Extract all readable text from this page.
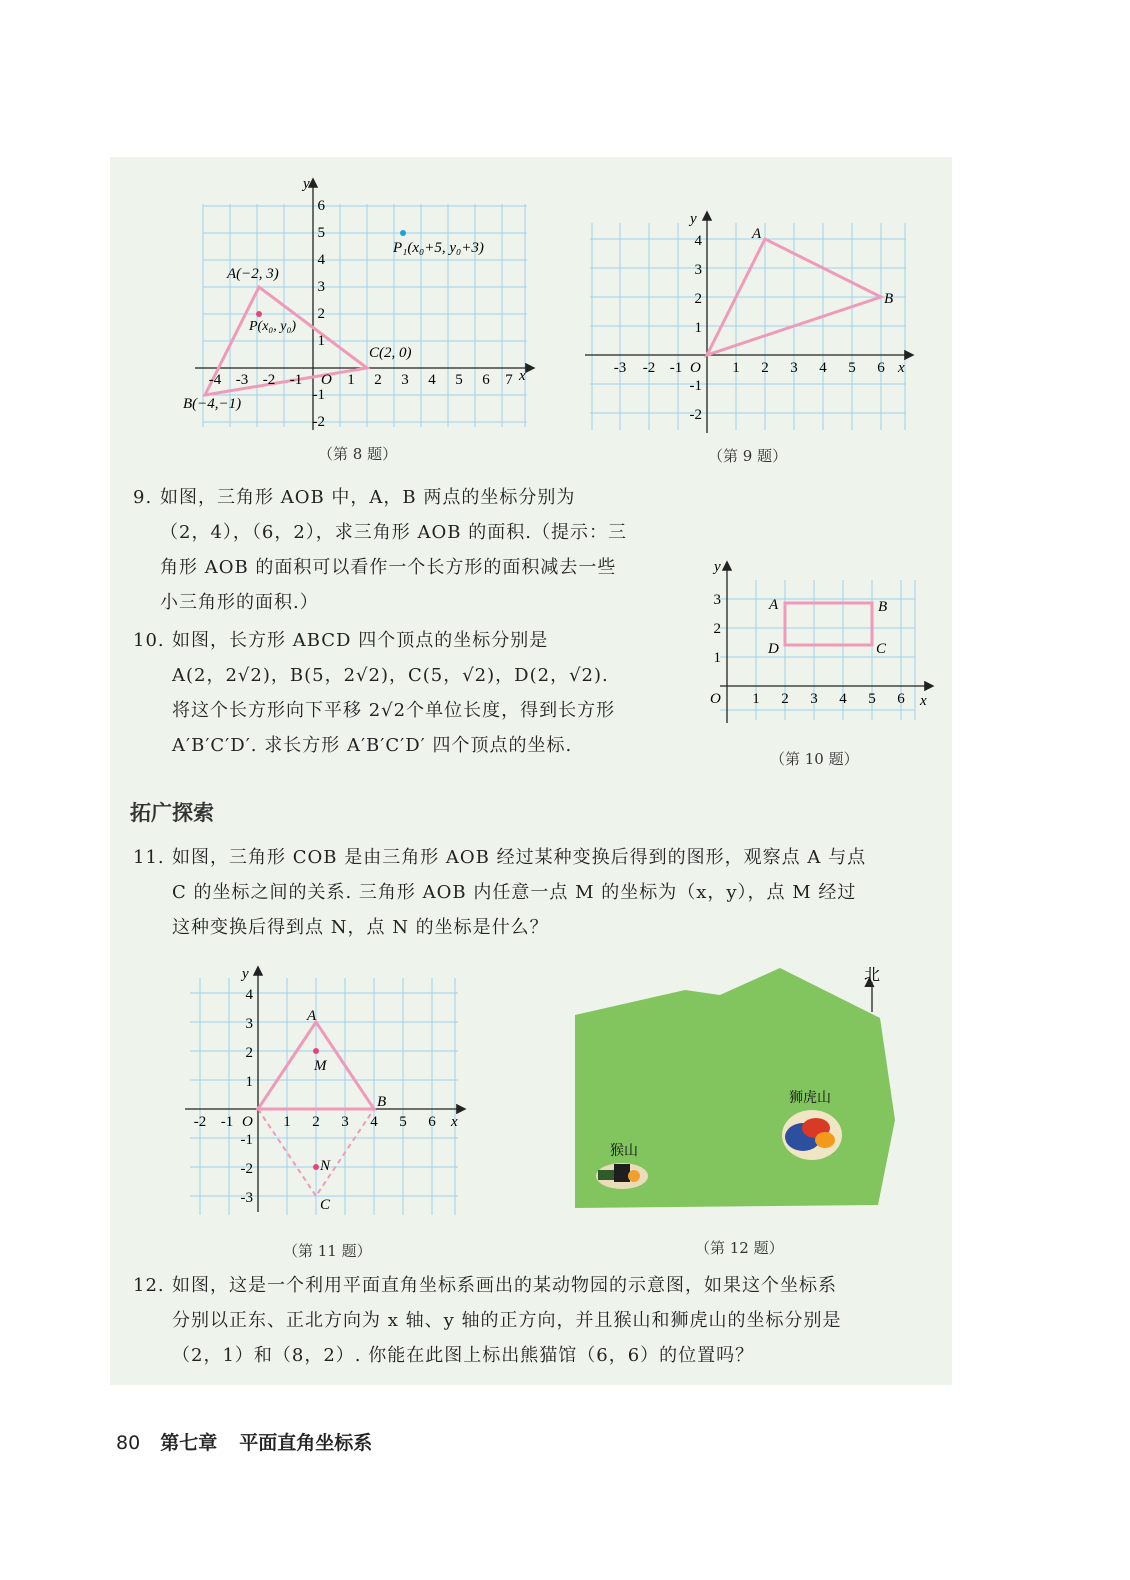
6
5
4
3
2
1
-1
-2
-4 -3 -2 -1	1 2 3 4 5 6 7
O	x
y
A(−2, 3)
B(−4,−1)
C(2, 0)
P(x₀, y₀)
P₁(x₀+5, y₀+3)
（第 8 题）
4
3
2
1
-1
-2
-3 -2 -1	1 2 3 4 5 6
O	x
y
A
B
（第 9 题）
9. 如图，三角形 AOB 中，A，B 两点的坐标分别为
（2，4），（6，2），求三角形 AOB 的面积.（提示：三
角形 AOB 的面积可以看作一个长方形的面积减去一些
小三角形的面积.）	3
2
1
1 2 3 4 5 6
O	x
y
A	B
C
D
（第 10 题）
10. 如图，长方形 ABCD 四个顶点的坐标分别是
A(2，2√2)，B(5，2√2)，C(5，√2)，D(2，√2).
将这个长方形向下平移 2√2个单位长度，得到长方形
A′B′C′D′. 求长方形 A′B′C′D′ 四个顶点的坐标.
拓广探索
11. 如图，三角形 COB 是由三角形 AOB 经过某种变换后得到的图形，观察点 A 与点
C 的坐标之间的关系. 三角形 AOB 内任意一点 M 的坐标为（x，y），点 M 经过
这种变换后得到点 N，点 N 的坐标是什么？
4
3
2
1
-1
-2
-3
-2 -1	1 2 3 4 5 6
O	x
y
A
B
C
M
N
（第 11 题）
北
狮虎山
猴山
（第 12 题）
12. 如图，这是一个利用平面直角坐标系画出的某动物园的示意图，如果这个坐标系
分别以正东、正北方向为 x 轴、y 轴的正方向，并且猴山和狮虎山的坐标分别是
（2，1）和（8，2）. 你能在此图上标出熊猫馆（6，6）的位置吗？
80 第七章 平面直角坐标系
